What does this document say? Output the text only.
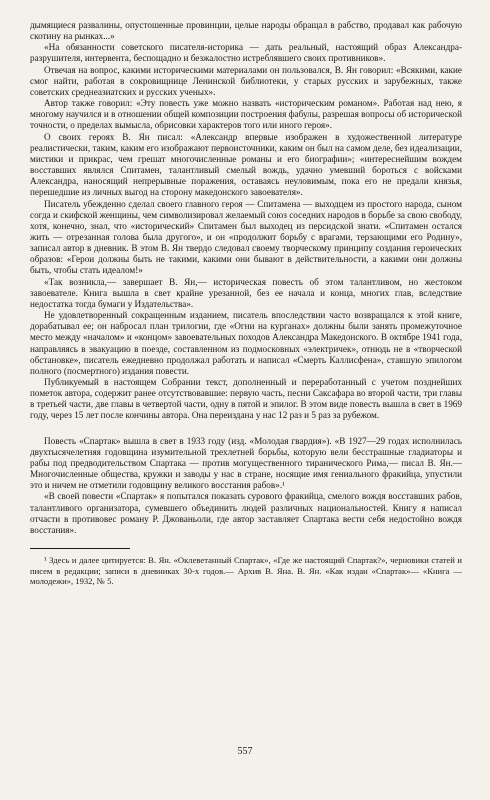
дымящиеся развалины, опустошенные провинции, целые народы обращал в рабство, продавал как рабочую скотину на рынках...»

«На обязанности советского писателя-историка — дать реальный, настоящий образ Александра-разрушителя, интервента, беспощадно и безжалостно истреблявшего своих противников».

Отвечая на вопрос, какими историческими материалами он пользовался, В. Ян говорил: «Всякими, какие смог найти, работая в сокровищнице Ленинской библиотеки, у старых русских и зарубежных, также советских среднеазиатских и русских ученых».

Автор также говорил: «Эту повесть уже можно назвать «историческим романом». Работая над нею, я многому научился и в отношении общей композиции построения фабулы, разрешая вопросы об исторической точности, о пределах вымысла, обрисовки характеров того или иного героя».

О своих героях В. Ян писал: «Александр впервые изображен в художественной литературе реалистически, таким, каким его изображают первоисточники, каким он был на самом деле, без идеализации, мистики и прикрас, чем грешат многочисленные романы и его биографии»; «интереснейшим вождем восставших являлся Спитамен, талантливый смелый вождь, удачно умевший бороться с войсками Александра, наносящий непрерывные поражения, оставаясь неуловимым, пока его не предали князья, перешедшие из личных выгод на сторону македонского завоевателя».

Писатель убежденно сделал своего главного героя — Спитамена — выходцем из простого народа, сыном согда и скифской женщины, чем символизировал желаемый союз соседних народов в борьбе за свою свободу, хотя, конечно, знал, что «исторический» Спитамен был выходец из персидской знати. «Спитамен остался жить — отрезанная голова была другого», и он «продолжит борьбу с врагами, терзающими его Родину», записал автор в дневник. В этом В. Ян твердо следовал своему творческому принципу создания героических образов: «Герои должны быть не такими, какими они бывают в действительности, а какими они должны быть, чтобы стать идеалом!»

«Так возникла,— завершает В. Ян,— историческая повесть об этом талантливом, но жестоком завоевателе. Книга вышла в свет крайне урезанной, без ее начала и конца, многих глав, вследствие недостатка тогда бумаги у Издательства».

Не удовлетворенный сокращенным изданием, писатель впоследствии часто возвращался к этой книге, дорабатывал ее; он набросал план трилогии, где «Огни на курганах» должны были занять промежуточное место между «началом» и «концом» завоевательных походов Александра Македонского. В октябре 1941 года, направляясь в эвакуацию в поезде, составленном из подмосковных «электричек», отнюдь не в «творческой обстановке», писатель ежедневно продолжал работать и написал «Смерть Каллисфена», ставшую эпилогом полного (посмертного) издания повести.

Публикуемый в настоящем Собрании текст, дополненный и переработанный с учетом позднейших пометок автора, содержит ранее отсутствовавшие: первую часть, песни Саксафара во второй части, три главы в третьей части, две главы в четвертой части, одну в пятой и эпилог. В этом виде повесть вышла в свет в 1969 году, через 15 лет после кончины автора. Она переиздана у нас 12 раз и 5 раз за рубежом.

Повесть «Спартак» вышла в свет в 1933 году (изд. «Молодая гвардия»). «В 1927—29 годах исполнилась двухтысячелетняя годовщина изумительной трехлетней борьбы, которую вели бесстрашные гладиаторы и рабы под предводительством Спартака — против могущественного тиранического Рима,— писал В. Ян.— Многочисленные общества, кружки и заводы у нас в стране, носящие имя гениального фракийца, упустили это и ничем не отметили годовщину великого восстания рабов».¹

«В своей повести «Спартак» я попытался показать сурового фракийца, смелого вождя восставших рабов, талантливого организатора, сумевшего объединить людей различных национальностей. Книгу я написал отчасти в противовес роману Р. Джованьоли, где автор заставляет Спартака вести себя недостойно вождя восстания».

¹ Здесь и далее цитируется: В. Ян. «Оклеветанный Спартак», «Где же настоящий Спартак?», черновики статей и писем в редакции; записи в дневниках 30-х годов.— Архив В. Яна. В. Ян. «Как издан «Спартак»— «Книга — молодежи», 1932, № 5.

557
